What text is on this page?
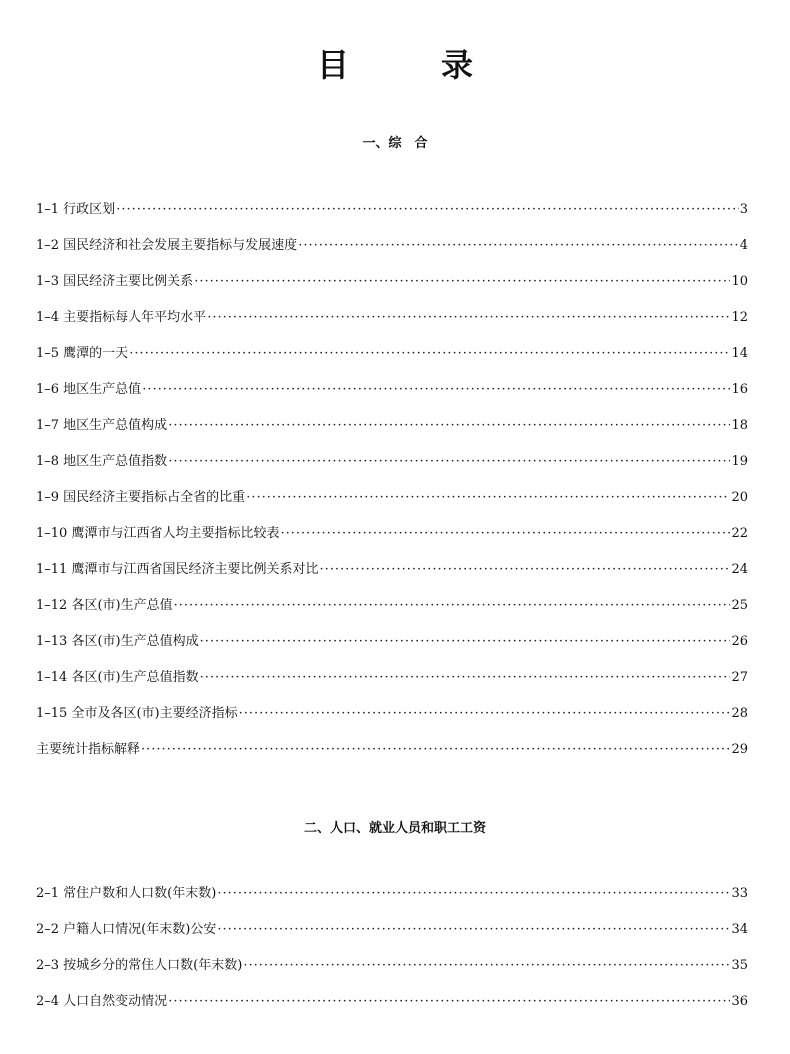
目　录
一、综　合
1–1 行政区划 ·····	3
1–2 国民经济和社会发展主要指标与发展速度 ·····	4
1–3 国民经济主要比例关系 ·····	10
1–4 主要指标每人年平均水平 ·····	12
1–5 鹰潭的一天 ·····	14
1–6 地区生产总值 ·····	16
1–7 地区生产总值构成 ·····	18
1–8 地区生产总值指数 ·····	19
1–9 国民经济主要指标占全省的比重 ·····	20
1–10 鹰潭市与江西省人均主要指标比较表 ·····	22
1–11 鹰潭市与江西省国民经济主要比例关系对比 ·····	24
1–12 各区(市)生产总值 ·····	25
1–13 各区(市)生产总值构成 ·····	26
1–14 各区(市)生产总值指数 ·····	27
1–15 全市及各区(市)主要经济指标 ·····	28
主要统计指标解释 ·····	29
二、人口、就业人员和职工工资
2–1 常住户数和人口数(年末数) ·····	33
2–2 户籍人口情况(年末数)公安 ·····	34
2–3 按城乡分的常住人口数(年末数) ·····	35
2–4 人口自然变动情况 ·····	36
